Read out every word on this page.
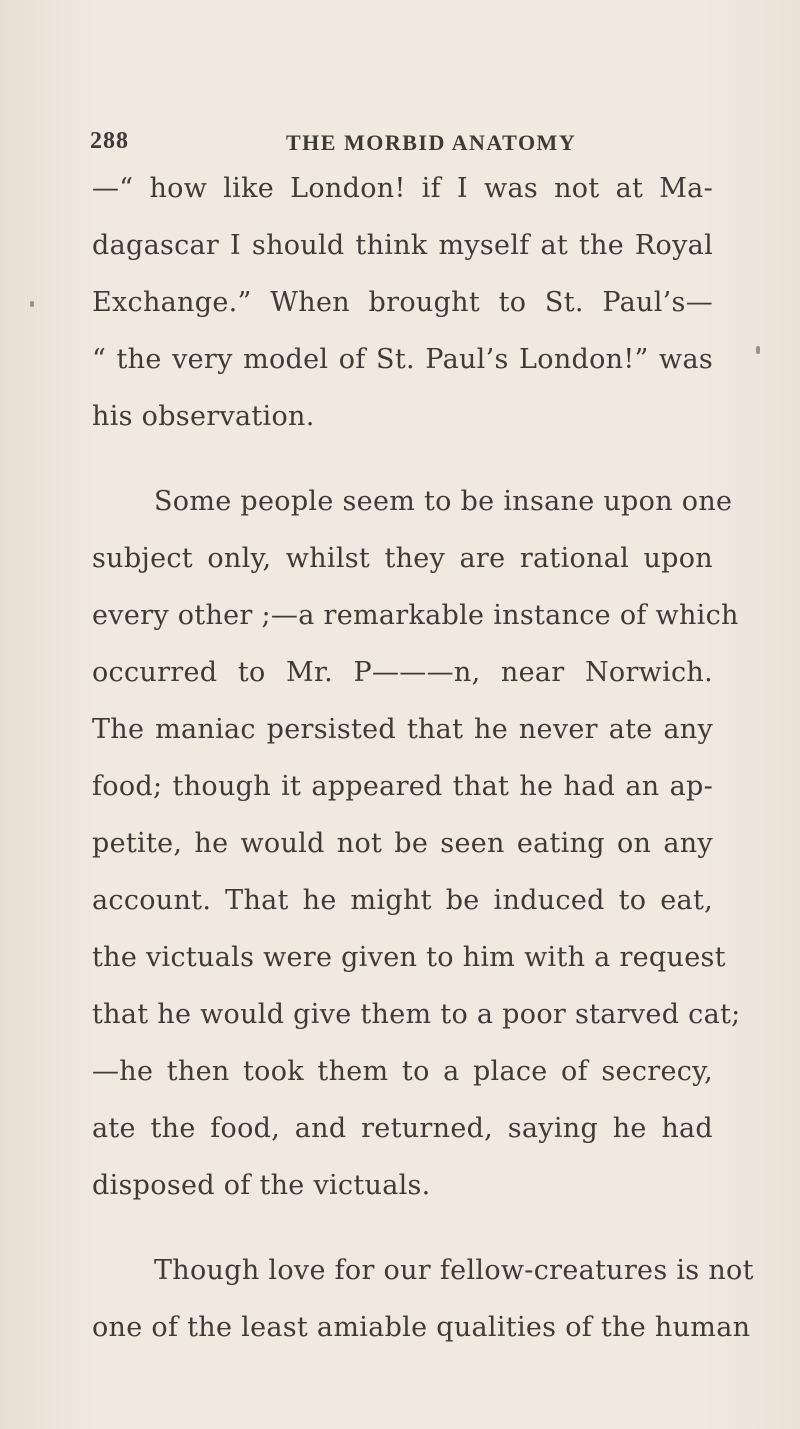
288	THE MORBID ANATOMY
—“ how like London! if I was not at Ma-
dagascar I should think myself at the Royal
Exchange.” When brought to St. Paul’s—
“ the very model of St. Paul’s London!” was
his observation.
Some people seem to be insane upon one
subject only, whilst they are rational upon
every other ;—a remarkable instance of which
occurred to Mr. P———n, near Norwich.
The maniac persisted that he never ate any
food; though it appeared that he had an ap-
petite, he would not be seen eating on any
account. That he might be induced to eat,
the victuals were given to him with a request
that he would give them to a poor starved cat;
—he then took them to a place of secrecy,
ate the food, and returned, saying he had
disposed of the victuals.
Though love for our fellow-creatures is not
one of the least amiable qualities of the human
